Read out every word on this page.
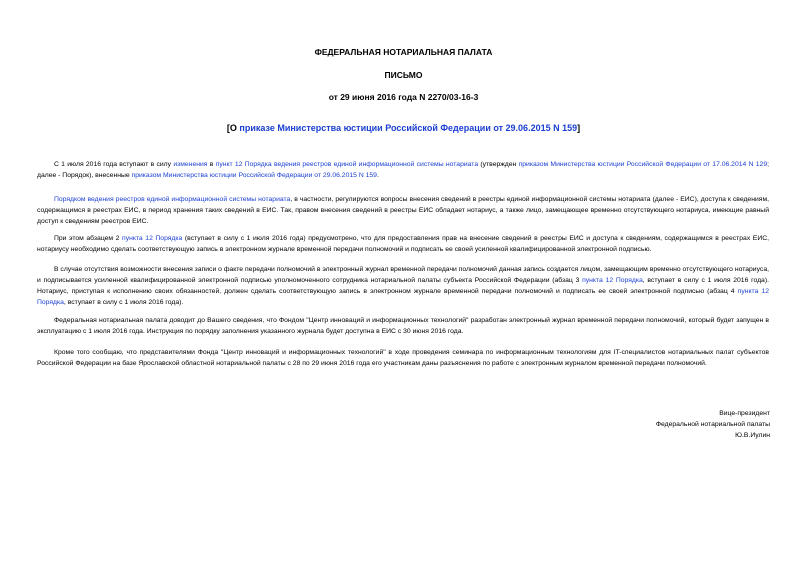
ФЕДЕРАЛЬНАЯ НОТАРИАЛЬНАЯ ПАЛАТА

ПИСЬМО

от 29 июня 2016 года N 2270/03-16-3

[О приказе Министерства юстиции Российской Федерации от 29.06.2015 N 159]

С 1 июля 2016 года вступают в силу изменения в пункт 12 Порядка ведения реестров единой информационной системы нотариата (утвержден приказом Министерства юстиции Российской Федерации от 17.06.2014 N 129; далее - Порядок), внесенные приказом Министерства юстиции Российской Федерации от 29.06.2015 N 159.

Порядком ведения реестров единой информационной системы нотариата, в частности, регулируются вопросы внесения сведений в реестры единой информационной системы нотариата (далее - ЕИС), доступа к сведениям, содержащимся в реестрах ЕИС, в период хранения таких сведений в ЕИС. Так, правом внесения сведений в реестры ЕИС обладает нотариус, а также лицо, замещающее временно отсутствующего нотариуса, имеющие равный доступ к сведениям реестров ЕИС.

При этом абзацем 2 пункта 12 Порядка (вступает в силу с 1 июля 2016 года) предусмотрено, что для предоставления прав на внесение сведений в реестры ЕИС и доступа к сведениям, содержащимся в реестрах ЕИС, нотариусу необходимо сделать соответствующую запись в электронном журнале временной передачи полномочий и подписать ее своей усиленной квалифицированной электронной подписью.

В случае отсутствия возможности внесения записи о факте передачи полномочий в электронный журнал временной передачи полномочий данная запись создается лицом, замещающим временно отсутствующего нотариуса, и подписывается усиленной квалифицированной электронной подписью уполномоченного сотрудника нотариальной палаты субъекта Российской Федерации (абзац 3 пункта 12 Порядка, вступает в силу с 1 июля 2016 года). Нотариус, приступая к исполнению своих обязанностей, должен сделать соответствующую запись в электронном журнале временной передачи полномочий и подписать ее своей электронной подписью (абзац 4 пункта 12 Порядка, вступает в силу с 1 июля 2016 года).

Федеральная нотариальная палата доводит до Вашего сведения, что Фондом "Центр инноваций и информационных технологий" разработан электронный журнал временной передачи полномочий, который будет запущен в эксплуатацию с 1 июля 2016 года. Инструкция по порядку заполнения указанного журнала будет доступна в ЕИС с 30 июня 2016 года.

Кроме того сообщаю, что представителями Фонда "Центр инноваций и информационных технологий" в ходе проведения семинара по информационным технологиям для IT-специалистов нотариальных палат субъектов Российской Федерации на базе Ярославской областной нотариальной палаты с 28 по 29 июня 2016 года его участникам даны разъяснения по работе с электронным журналом временной передачи полномочий.

Вице-президент
Федеральной нотариальной палаты
Ю.В.Иулин
